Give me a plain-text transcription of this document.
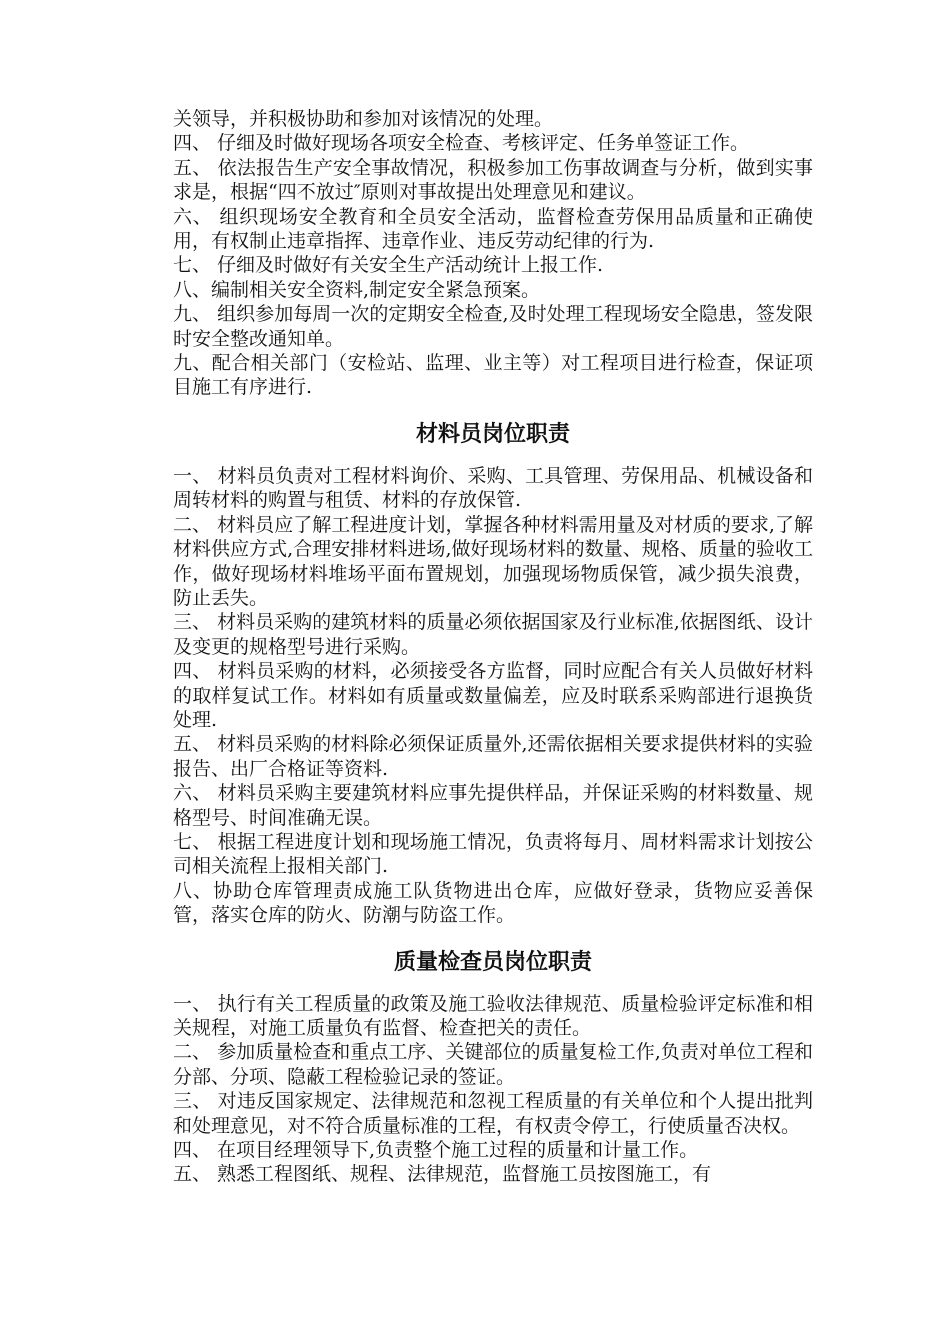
关领导，并积极协助和参加对该情况的处理。

四、 仔细及时做好现场各项安全检查、考核评定、任务单签证工作。

五、 依法报告生产安全事故情况，积极参加工伤事故调查与分析，做到实事求是，根据“四不放过″原则对事故提出处理意见和建议。

六、 组织现场安全教育和全员安全活动，监督检查劳保用品质量和正确使用，有权制止违章指挥、违章作业、违反劳动纪律的行为.

七、 仔细及时做好有关安全生产活动统计上报工作.

八、编制相关安全资料,制定安全紧急预案。

九、 组织参加每周一次的定期安全检查,及时处理工程现场安全隐患，签发限时安全整改通知单。

九、配合相关部门（安检站、监理、业主等）对工程项目进行检查，保证项目施工有序进行.

材料员岗位职责

一、 材料员负责对工程材料询价、采购、工具管理、劳保用品、机械设备和周转材料的购置与租赁、材料的存放保管.

二、 材料员应了解工程进度计划，掌握各种材料需用量及对材质的要求,了解材料供应方式,合理安排材料进场,做好现场材料的数量、规格、质量的验收工作，做好现场材料堆场平面布置规划，加强现场物质保管，减少损失浪费，防止丢失。

三、 材料员采购的建筑材料的质量必须依据国家及行业标准,依据图纸、设计及变更的规格型号进行采购。

四、 材料员采购的材料，必须接受各方监督，同时应配合有关人员做好材料的取样复试工作。材料如有质量或数量偏差，应及时联系采购部进行退换货处理.

五、 材料员采购的材料除必须保证质量外,还需依据相关要求提供材料的实验报告、出厂合格证等资料.

六、 材料员采购主要建筑材料应事先提供样品，并保证采购的材料数量、规格型号、时间准确无误。

七、 根据工程进度计划和现场施工情况，负责将每月、周材料需求计划按公司相关流程上报相关部门.

八、协助仓库管理责成施工队货物进出仓库，应做好登录，货物应妥善保管，落实仓库的防火、防潮与防盗工作。

质量检查员岗位职责

一、 执行有关工程质量的政策及施工验收法律规范、质量检验评定标准和相关规程，对施工质量负有监督、检查把关的责任。

二、 参加质量检查和重点工序、关键部位的质量复检工作,负责对单位工程和分部、分项、隐蔽工程检验记录的签证。

三、 对违反国家规定、法律规范和忽视工程质量的有关单位和个人提出批判和处理意见，对不符合质量标准的工程，有权责令停工，行使质量否决权。

四、 在项目经理领导下,负责整个施工过程的质量和计量工作。

五、 熟悉工程图纸、规程、法律规范，监督施工员按图施工，有
